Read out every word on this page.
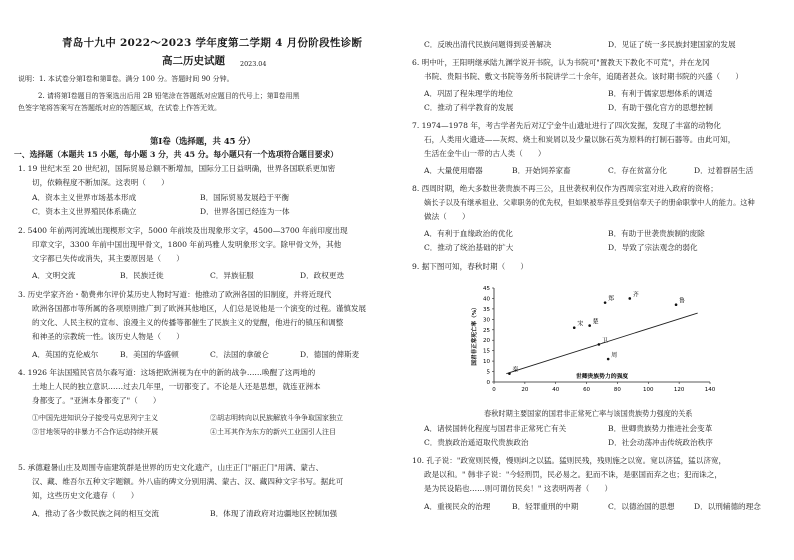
青岛十九中 2022～2023 学年度第二学期 4 月份阶段性诊断
高二历史试题 2023.04
说明：1. 本试卷分第Ⅰ卷和第Ⅱ卷。满分 100 分。答题时间 90 分钟。
2. 请将第Ⅰ卷题目的答案选出后用 2B 铅笔涂在答题纸对应题目的代号上；第Ⅱ卷用黑
色签字笔将答案写在答题纸对应的答题区域，在试卷上作答无效。
第Ⅰ卷（选择题，共 45 分）
一、选择题（本题共 15 小题，每小题 3 分，共 45 分。每小题只有一个选项符合题目要求）
1. 19 世纪末至 20 世纪初，国际贸易总额不断增加，国际分工日益明确，世界各国联系更加密
切，依赖程度不断加深。这表明（　　）
A．资本主义世界市场基本形成	B．国际贸易发展趋于平衡
C．资本主义世界殖民体系确立	D．世界各国已经连为一体
2. 5400 年前两河流域出现楔形文字，5000 年前埃及出现象形文字，4500—3700 年前印度出现
印章文字，3300 年前中国出现甲骨文，1800 年前玛雅人发明象形文字。除甲骨文外，其他
文字都已失传或消失，其主要原因是（　　）
A．文明交流	B．民族迁徙	C．异族征服	D．政权更迭
3. 历史学家齐治・勒费弗尔评价某历史人物时写道：他推动了欧洲各国的旧制度，并将近现代
欧洲各国都市等所属的各项原则推广到了欧洲其他地区，人们总是说他是一个演变的过程。谨慎发展
的文化、人民主权的宣布、浪漫主义的传播等都催生了民族主义的觉醒，他进行的镇压和调整
和神圣的宗教统一性。该历史人物是（　　）
A．英国的克伦威尔	B．美国的华盛顿	C．法国的拿破仑	D．德国的俾斯麦
4. 1926 年法国殖民官员尔森写道：这场把欧洲视为在中的新的战争……唤醒了这两地的
土地上人民的独立意识……过去几年里，一切都变了。不论是人还是思想，就连亚洲本
身都变了。"亚洲本身都变了"（　　）
①中国先进知识分子接受马克思列宁主义	②胡志明转向以民族解放斗争争取国家独立
③甘地领导的非暴力不合作运动持续开展	④土耳其作为东方的新兴工业国引人注目
5. 承德避暑山庄及周围寺庙建筑群是世界的历史文化遗产，山庄正门"丽正门"用满、蒙古、
汉、藏、维吾尔五种文字题额。外八庙的碑文分别用满、蒙古、汉、藏四种文字书写。据此可
知，这些历史文化遗存（　　）
A．推动了各少数民族之间的相互交流	B．体现了清政府对边疆地区控制加强
C．反映出清代民族问题得到妥善解决	D．见证了统一多民族封建国家的发展
6. 明中叶，王阳明继承陆九渊学说开书院，认为书院可"置教天下教化不可荒"，并在龙冈
书院、贵阳书院、敷文书院等务所书院讲学二十余年，追随者甚众。该时期书院的兴盛（　　）
A．巩固了程朱理学的地位	B．有利于儒家思想体系的调适
C．推动了科学教育的发展	D．有助于强化官方的思想控制
7. 1974—1978 年，考古学者先后对辽宁金牛山遗址进行了四次发掘，发现了丰富的动物化
石，人类用火遗迹——灰烬、烧土和炭屑以及少量以脉石英为原料的打制石器等。由此可知，
生活在金牛山一带的古人类（　　）
A．大量使用磨器	B．开始饲养家畜	C．存在贫富分化	D．过着群居生活
8. 西周时期，绝大多数世袭贵族不再三公，且世袭权利仅作为西周宗室对进入政府的资格；
嫡长子以及有继承祖业、父辈职务的优先权，但如果被举荐且受到信奉天子的册命职掌中人的能力。这种
做法（　　）
A．有利于血缘政治的优化	B．有助于世袭贵族制的废除
C．推动了统治基础的扩大	D．导致了宗法观念的弱化
9. 据下图可知，春秋时期（　　）
0	20	40	60	80	100	120	140
0
5
10
15
20
25
30
35
40
45
秦
宋 楚
郑
齐
鲁
卫
周
世卿贵族势力的强度
国君非正常死亡率（%）
春秋时期主要国家的国君非正常死亡率与该国贵族势力强度的关系
A．诸侯国转化程度与国君非正常死亡有关	B．世卿贵族势力推进社会变革
C．贵族政治遥迢取代贵族政治	D．社会动荡冲击传统政治秩序
10. 孔子说："政宽则民慢，慢则纠之以猛。猛则民残，残则施之以宽。宽以济猛，猛以济宽，
政是以和。" 韩非子说："今轻刑罚，民必易之。犯而不诛，是驱国而弃之也；犯而诛之，
是为民设陷也……则可谓仿民矣！" 这表明两者（　　）
A．重视民众的治理	B．轻罪重刑的中期	C．以德治国的思想	D．以刑辅德的理念
